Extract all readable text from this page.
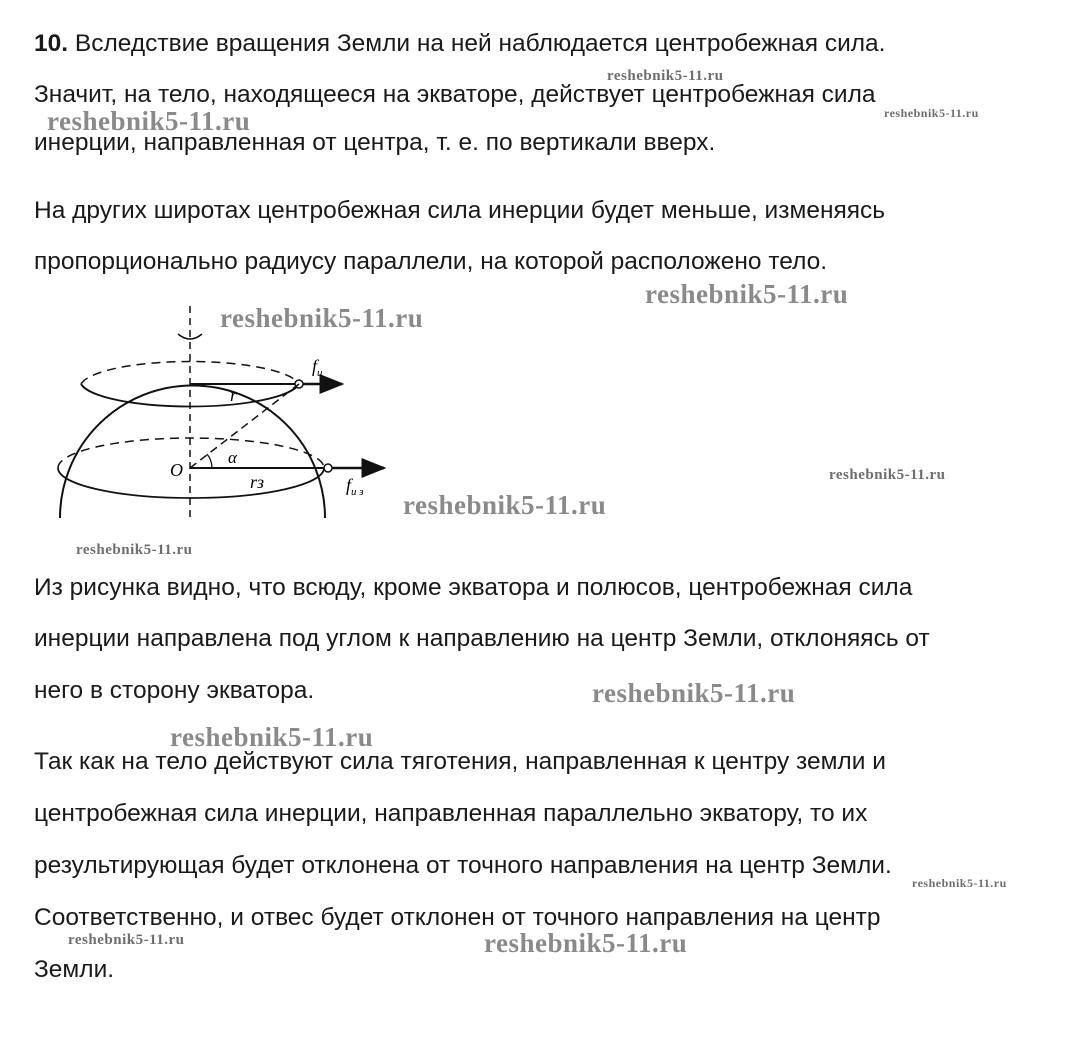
10. Вследствие вращения Земли на ней наблюдается центробежная сила.
Значит, на тело, находящееся на экваторе, действует центробежная сила
инерции, направленная от центра, т. е. по вертикали вверх.
На других широтах центробежная сила инерции будет меньше, изменяясь
пропорционально радиусу параллели, на которой расположено тело.
Из рисунка видно, что всюду, кроме экватора и полюсов, центробежная сила
инерции направлена под углом к направлению на центр Земли, отклоняясь от
него в сторону экватора.
Так как на тело действуют сила тяготения, направленная к центру земли и
центробежная сила инерции, направленная параллельно экватору, то их
результирующая будет отклонена от точного направления на центр Земли.
Соответственно, и отвес будет отклонен от точного направления на центр
Земли.
$f_и$
r
O
α
rз	$f_{и з}$
reshebnik5-11.ru
reshebnik5-11.ru	reshebnik5-11.ru
reshebnik5-11.ru
reshebnik5-11.ru
reshebnik5-11.ru
reshebnik5-11.ru
reshebnik5-11.ru
reshebnik5-11.ru
reshebnik5-11.ru
reshebnik5-11.ru
reshebnik5-11.ru	reshebnik5-11.ru
